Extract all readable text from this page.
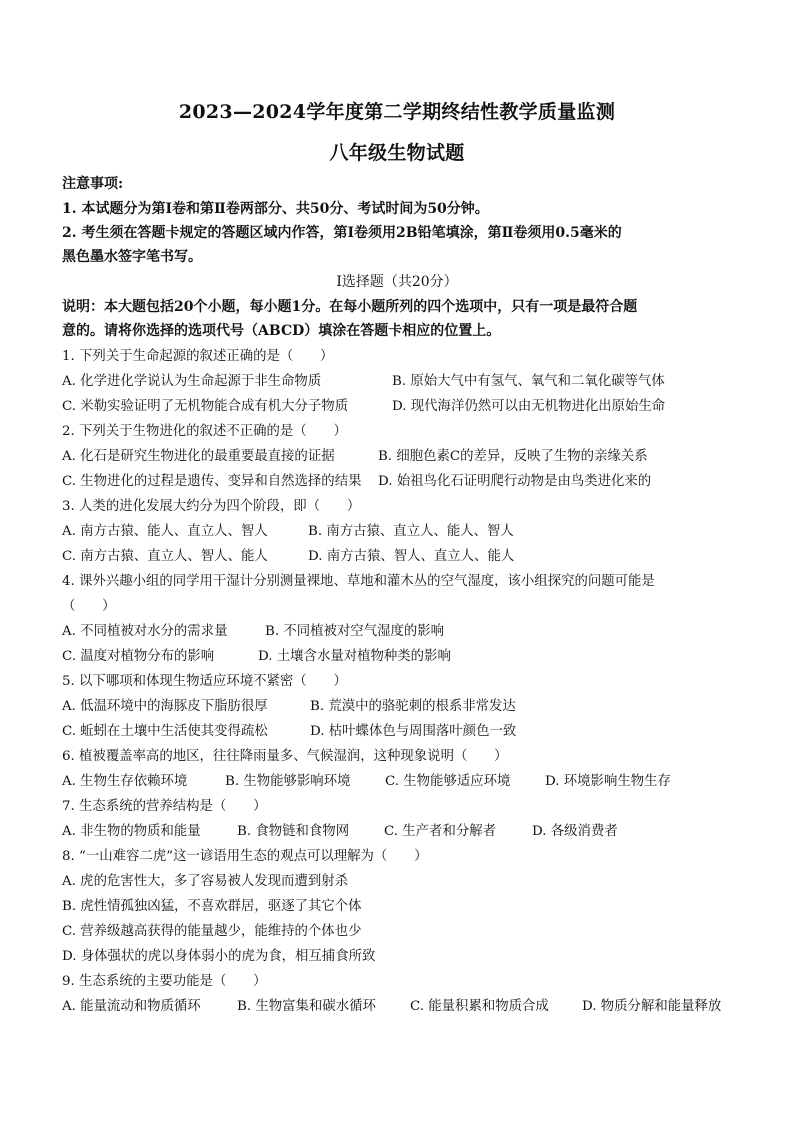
2023—2024学年度第二学期终结性教学质量监测
八年级生物试题
注意事项:
1. 本试题分为第Ⅰ卷和第Ⅱ卷两部分、共50分、考试时间为50分钟。
2. 考生须在答题卡规定的答题区域内作答，第Ⅰ卷须用2B铅笔填涂，第Ⅱ卷须用0.5毫米的
黑色墨水签字笔书写。
Ⅰ选择题（共20分）
说明：本大题包括20个小题，每小题1分。在每小题所列的四个选项中，只有一项是最符合题
意的。请将你选择的选项代号（ABCD）填涂在答题卡相应的位置上。
1. 下列关于生命起源的叙述正确的是（　　）
A. 化学进化学说认为生命起源于非生命物质	B. 原始大气中有氢气、氧气和二氧化碳等气体
C. 米勒实验证明了无机物能合成有机大分子物质	D. 现代海洋仍然可以由无机物进化出原始生命
2. 下列关于生物进化的叙述不正确的是（　　）
A. 化石是研究生物进化的最重要最直接的证据	B. 细胞色素C的差异，反映了生物的亲缘关系
C. 生物进化的过程是遗传、变异和自然选择的结果 D. 始祖鸟化石证明爬行动物是由鸟类进化来的
3. 人类的进化发展大约分为四个阶段，即（　　）
A. 南方古猿、能人、直立人、智人	B. 南方古猿、直立人、能人、智人
C. 南方古猿、直立人、智人、能人	D. 南方古猿、智人、直立人、能人
4. 课外兴趣小组的同学用干湿计分别测量裸地、草地和灌木丛的空气湿度，该小组探究的问题可能是
（　　）
A. 不同植被对水分的需求量	B. 不同植被对空气湿度的影响
C. 温度对植物分布的影响	D. 土壤含水量对植物种类的影响
5. 以下哪项和体现生物适应环境不紧密（　　）
A. 低温环境中的海豚皮下脂肪很厚	B. 荒漠中的骆驼刺的根系非常发达
C. 蚯蚓在土壤中生活使其变得疏松	D. 枯叶蝶体色与周围落叶颜色一致
6. 植被覆盖率高的地区，往往降雨量多、气候湿润，这种现象说明（　　）
A. 生物生存依赖环境	B. 生物能够影响环境	C. 生物能够适应环境	D. 环境影响生物生存
7. 生态系统的营养结构是（　　）
A. 非生物的物质和能量	B. 食物链和食物网	C. 生产者和分解者	D. 各级消费者
8. “一山难容二虎”这一谚语用生态的观点可以理解为（　　）
A. 虎的危害性大，多了容易被人发现而遭到射杀
B. 虎性情孤独凶猛，不喜欢群居，驱逐了其它个体
C. 营养级越高获得的能量越少，能维持的个体也少
D. 身体强状的虎以身体弱小的虎为食，相互捕食所致
9. 生态系统的主要功能是（　　）
A. 能量流动和物质循环	B. 生物富集和碳水循环	C. 能量积累和物质合成 D. 物质分解和能量释放
